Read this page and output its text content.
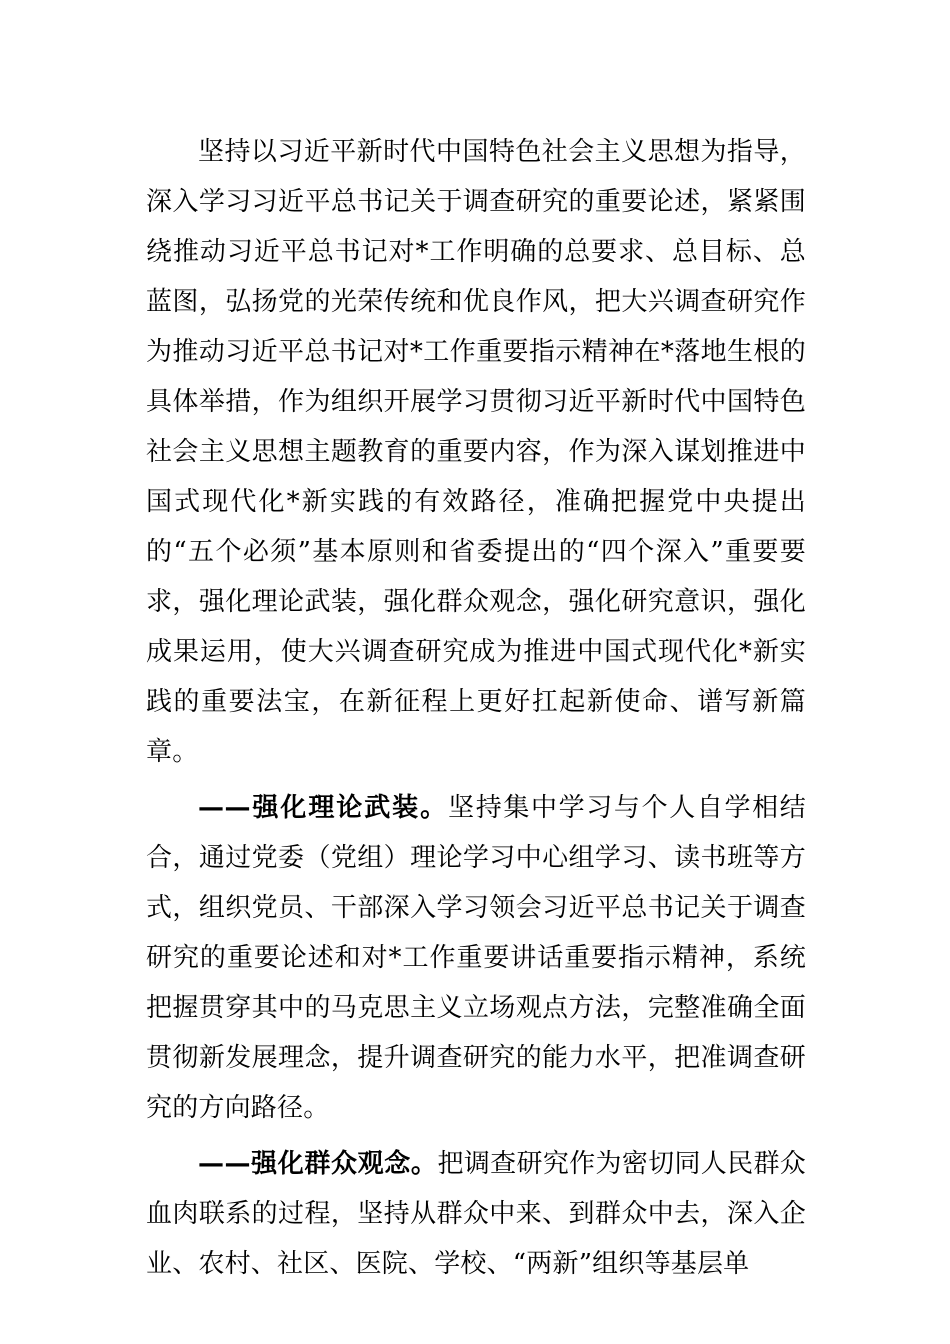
坚持以习近平新时代中国特色社会主义思想为指导，深入学习习近平总书记关于调查研究的重要论述，紧紧围绕推动习近平总书记对*工作明确的总要求、总目标、总蓝图，弘扬党的光荣传统和优良作风，把大兴调查研究作为推动习近平总书记对*工作重要指示精神在*落地生根的具体举措，作为组织开展学习贯彻习近平新时代中国特色社会主义思想主题教育的重要内容，作为深入谋划推进中国式现代化*新实践的有效路径，准确把握党中央提出的“五个必须”基本原则和省委提出的“四个深入”重要要求，强化理论武装，强化群众观念，强化研究意识，强化成果运用，使大兴调查研究成为推进中国式现代化*新实践的重要法宝，在新征程上更好扛起新使命、谱写新篇章。

——强化理论武装。坚持集中学习与个人自学相结合，通过党委（党组）理论学习中心组学习、读书班等方式，组织党员、干部深入学习领会习近平总书记关于调查研究的重要论述和对*工作重要讲话重要指示精神，系统把握贯穿其中的马克思主义立场观点方法，完整准确全面贯彻新发展理念，提升调查研究的能力水平，把准调查研究的方向路径。

——强化群众观念。把调查研究作为密切同人民群众血肉联系的过程，坚持从群众中来、到群众中去，深入企业、农村、社区、医院、学校、“两新”组织等基层单
